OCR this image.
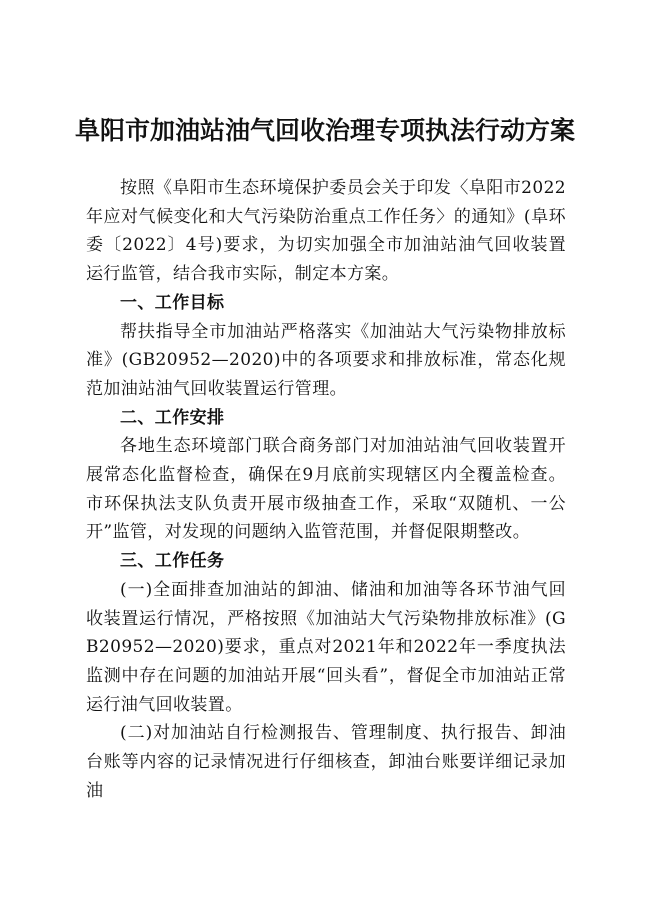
阜阳市加油站油气回收治理专项执法行动方案

按照《阜阳市生态环境保护委员会关于印发〈阜阳市2022年应对气候变化和大气污染防治重点工作任务〉的通知》(阜环委〔2022〕4号)要求，为切实加强全市加油站油气回收装置运行监管，结合我市实际，制定本方案。

一、工作目标

帮扶指导全市加油站严格落实《加油站大气污染物排放标准》(GB20952—2020)中的各项要求和排放标准，常态化规范加油站油气回收装置运行管理。

二、工作安排

各地生态环境部门联合商务部门对加油站油气回收装置开展常态化监督检查，确保在9月底前实现辖区内全覆盖检查。市环保执法支队负责开展市级抽查工作，采取“双随机、一公开”监管，对发现的问题纳入监管范围，并督促限期整改。

三、工作任务

(一)全面排查加油站的卸油、储油和加油等各环节油气回收装置运行情况，严格按照《加油站大气污染物排放标准》(GB20952—2020)要求，重点对2021年和2022年一季度执法监测中存在问题的加油站开展“回头看”，督促全市加油站正常运行油气回收装置。

(二)对加油站自行检测报告、管理制度、执行报告、卸油台账等内容的记录情况进行仔细核查，卸油台账要详细记录加油
